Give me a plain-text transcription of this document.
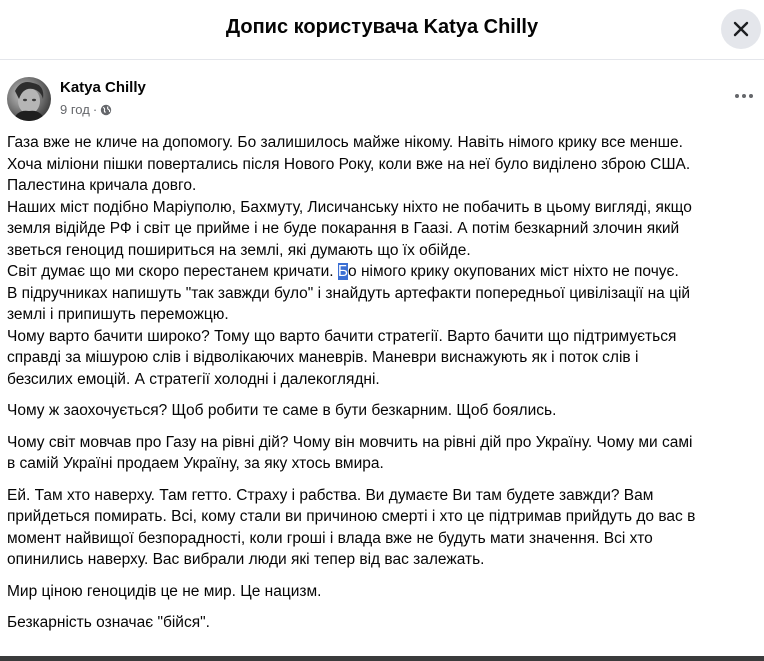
Допис користувача Katya Chilly
Katya Chilly
9 год ·
Газа вже не кличе на допомогу. Бо залишилось майже нікому. Навіть німого крику все менше.
Хоча мілiони пішки повертались після Нового Року, коли вже на неї було виділено зброю США.
Палестина кричала довго.
Наших міст подібно Маріуполю, Бахмуту, Лисичанську ніхто не побачить в цьому вигляді, якщо
земля відійде РФ і світ це прийме і не буде покарання в Гаазі. А потім безкарний злочин який
зветься геноцид пошириться на землі, які думають що їх обійде.
Світ думає що ми скоро перестанем кричати. Бо німого крику окупованих міст ніхто не почує.
В підручниках напишуть "так завжди було" і знайдуть артефакти попередньої цивілізації на цій
землі і припишуть переможцю.
Чому варто бачити широко? Тому що варто бачити стратегії. Варто бачити що підтримується
справді за мішурою слів і відволікаючих маневрів. Маневри виснажують як і поток слів і
безсилих емоцій. А стратегії холодні і далекоглядні.
Чому ж заохочується? Щоб робити те саме в бути безкарним. Щоб боялись.
Чому світ мовчав про Газу на рівні дій? Чому він мовчить на рівні дій про Україну. Чому ми самі
в самій Україні продаем Україну, за яку хтось вмира.
Ей. Там хто наверху. Там гетто. Страху і рабства. Ви думаєте Ви там будете завжди? Вам
прийдеться помирать. Всі, кому стали ви причиною смерті і хто це підтримав прийдуть до вас в
момент найвищої безпорадності, коли гроші і влада вже не будуть мати значення. Всі хто
опинились наверху. Вас вибрали люди які тепер від вас залежать.
Мир ціною геноцидів це не мир. Це нацизм.
Безкарність означає "бійся".
